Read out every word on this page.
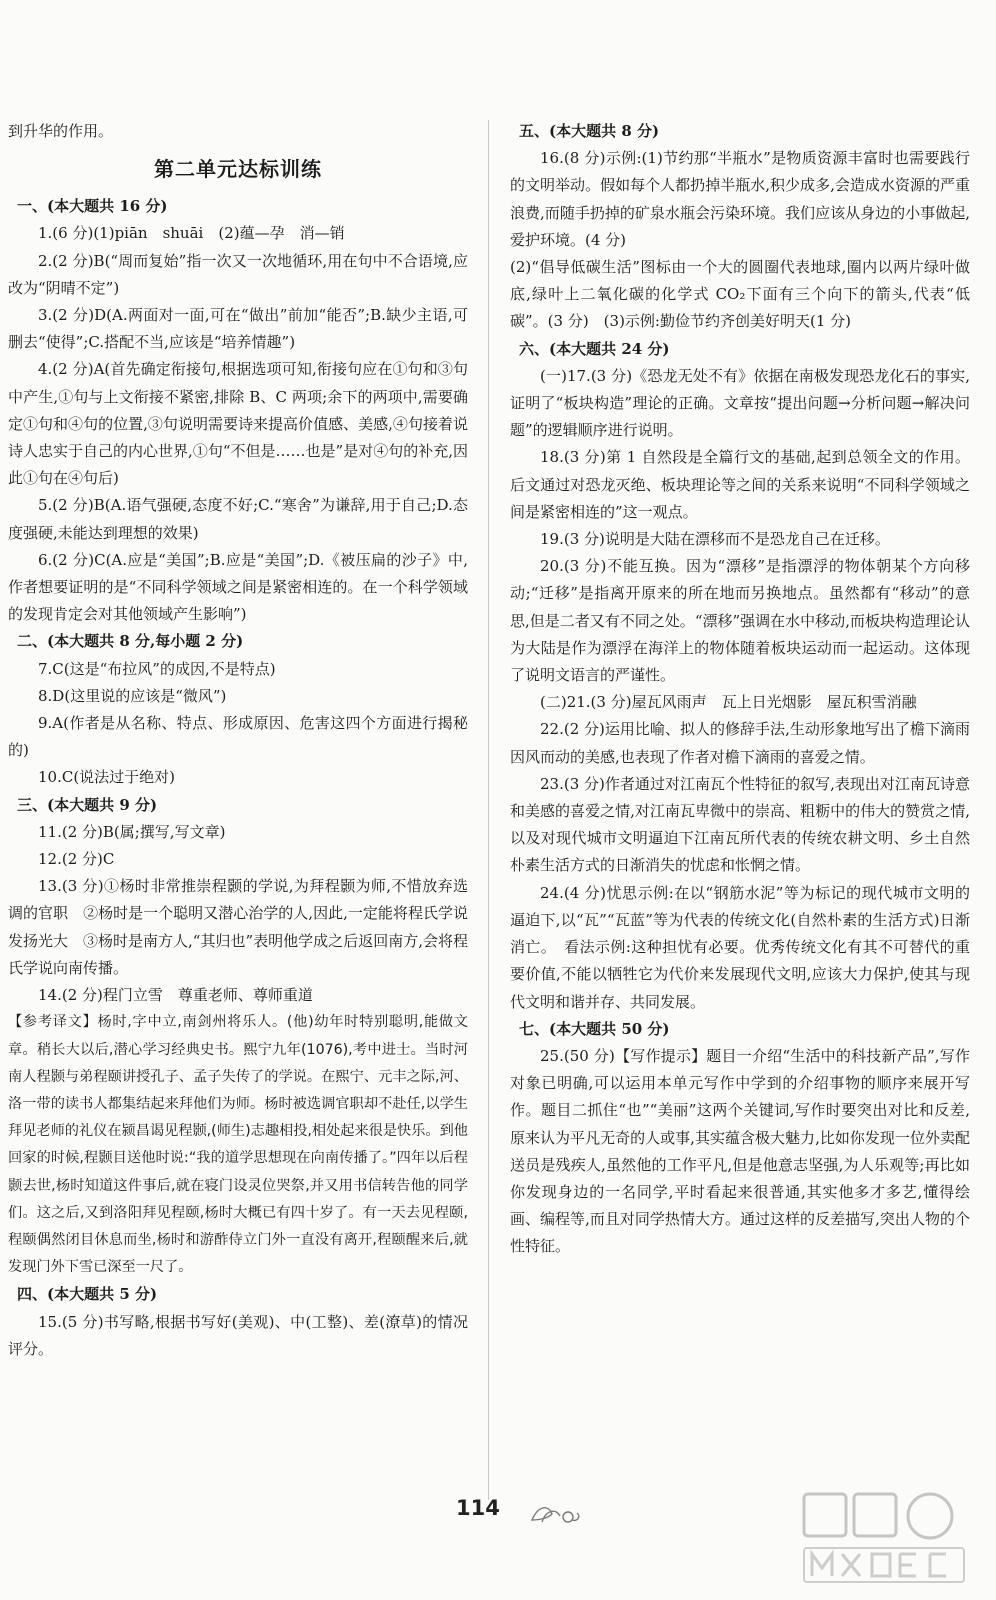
到升华的作用。

第二单元达标训练

一、(本大题共 16 分)

1.(6 分)(1)piān　shuāi　(2)蕴—孕　消—销

2.(2 分)B(“周而复始”指一次又一次地循环,用在句中不合语境,应改为“阴晴不定”)

3.(2 分)D(A.两面对一面,可在“做出”前加“能否”;B.缺少主语,可删去“使得”;C.搭配不当,应该是“培养情趣”)

4.(2 分)A(首先确定衔接句,根据选项可知,衔接句应在①句和③句中产生,①句与上文衔接不紧密,排除 B、C 两项;余下的两项中,需要确定①句和④句的位置,③句说明需要诗来提高价值感、美感,④句接着说诗人忠实于自己的内心世界,①句“不但是……也是”是对④句的补充,因此①句在④句后)

5.(2 分)B(A.语气强硬,态度不好;C.“寒舍”为谦辞,用于自己;D.态度强硬,未能达到理想的效果)

6.(2 分)C(A.应是“美国”;B.应是“美国”;D.《被压扁的沙子》中,作者想要证明的是“不同科学领域之间是紧密相连的。在一个科学领域的发现肯定会对其他领域产生影响”)

二、(本大题共 8 分,每小题 2 分)

7.C(这是“布拉风”的成因,不是特点)

8.D(这里说的应该是“微风”)

9.A(作者是从名称、特点、形成原因、危害这四个方面进行揭秘的)

10.C(说法过于绝对)

三、(本大题共 9 分)

11.(2 分)B(属;撰写,写文章)

12.(2 分)C

13.(3 分)①杨时非常推崇程颢的学说,为拜程颢为师,不惜放弃选调的官职　②杨时是一个聪明又潜心治学的人,因此,一定能将程氏学说发扬光大　③杨时是南方人,“其归也”表明他学成之后返回南方,会将程氏学说向南传播。

14.(2 分)程门立雪　尊重老师、尊师重道

【参考译文】杨时,字中立,南剑州将乐人。(他)幼年时特别聪明,能做文章。稍长大以后,潜心学习经典史书。熙宁九年(1076),考中进士。当时河南人程颢与弟程颐讲授孔子、孟子失传了的学说。在熙宁、元丰之际,河、洛一带的读书人都集结起来拜他们为师。杨时被选调官职却不赴任,以学生拜见老师的礼仪在颍昌谒见程颢,(师生)志趣相投,相处起来很是快乐。到他回家的时候,程颢目送他时说:“我的道学思想现在向南传播了。”四年以后程颢去世,杨时知道这件事后,就在寝门设灵位哭祭,并又用书信转告他的同学们。这之后,又到洛阳拜见程颐,杨时大概已有四十岁了。有一天去见程颐,程颐偶然闭目休息而坐,杨时和游酢侍立门外一直没有离开,程颐醒来后,就发现门外下雪已深至一尺了。

四、(本大题共 5 分)

15.(5 分)书写略,根据书写好(美观)、中(工整)、差(潦草)的情况评分。

五、(本大题共 8 分)

16.(8 分)示例:(1)节约那“半瓶水”是物质资源丰富时也需要践行的文明举动。假如每个人都扔掉半瓶水,积少成多,会造成水资源的严重浪费,而随手扔掉的矿泉水瓶会污染环境。我们应该从身边的小事做起,爱护环境。(4 分)

(2)“倡导低碳生活”图标由一个大的圆圈代表地球,圈内以两片绿叶做底,绿叶上二氧化碳的化学式 CO₂下面有三个向下的箭头,代表“低碳”。(3 分)　(3)示例:勤俭节约齐创美好明天(1 分)

六、(本大题共 24 分)

(一)17.(3 分)《恐龙无处不有》依据在南极发现恐龙化石的事实,证明了“板块构造”理论的正确。文章按“提出问题→分析问题→解决问题”的逻辑顺序进行说明。

18.(3 分)第 1 自然段是全篇行文的基础,起到总领全文的作用。后文通过对恐龙灭绝、板块理论等之间的关系来说明“不同科学领域之间是紧密相连的”这一观点。

19.(3 分)说明是大陆在漂移而不是恐龙自己在迁移。

20.(3 分)不能互换。因为“漂移”是指漂浮的物体朝某个方向移动;“迁移”是指离开原来的所在地而另换地点。虽然都有“移动”的意思,但是二者又有不同之处。“漂移”强调在水中移动,而板块构造理论认为大陆是作为漂浮在海洋上的物体随着板块运动而一起运动。这体现了说明文语言的严谨性。

(二)21.(3 分)屋瓦风雨声　瓦上日光烟影　屋瓦积雪消融

22.(2 分)运用比喻、拟人的修辞手法,生动形象地写出了檐下滴雨因风而动的美感,也表现了作者对檐下滴雨的喜爱之情。

23.(3 分)作者通过对江南瓦个性特征的叙写,表现出对江南瓦诗意和美感的喜爱之情,对江南瓦卑微中的崇高、粗粝中的伟大的赞赏之情,以及对现代城市文明逼迫下江南瓦所代表的传统农耕文明、乡土自然朴素生活方式的日渐消失的忧虑和怅惘之情。

24.(4 分)忧思示例:在以“钢筋水泥”等为标记的现代城市文明的逼迫下,以“瓦”“瓦蓝”等为代表的传统文化(自然朴素的生活方式)日渐消亡。　看法示例:这种担忧有必要。优秀传统文化有其不可替代的重要价值,不能以牺牲它为代价来发展现代文明,应该大力保护,使其与现代文明和谐并存、共同发展。

七、(本大题共 50 分)

25.(50 分)【写作提示】题目一介绍“生活中的科技新产品”,写作对象已明确,可以运用本单元写作中学到的介绍事物的顺序来展开写作。题目二抓住“也”“美丽”这两个关键词,写作时要突出对比和反差,原来认为平凡无奇的人或事,其实蕴含极大魅力,比如你发现一位外卖配送员是残疾人,虽然他的工作平凡,但是他意志坚强,为人乐观等;再比如你发现身边的一名同学,平时看起来很普通,其实他多才多艺,懂得绘画、编程等,而且对同学热情大方。通过这样的反差描写,突出人物的个性特征。

114
